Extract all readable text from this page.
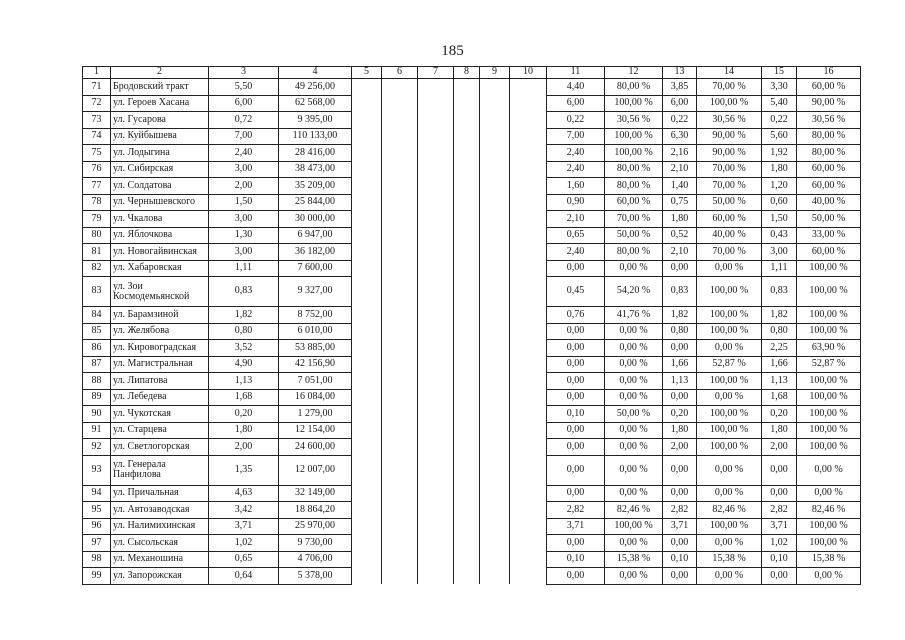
185
1	2	3	4	5	6	7	8	9	10	11	12	13	14	15	16
71	Бродовский тракт	5,50	49 256,00							4,40	80,00 %	3,85	70,00 %	3,30	60,00 %
72	ул. Героев Хасана	6,00	62 568,00							6,00	100,00 %	6,00	100,00 %	5,40	90,00 %
73	ул. Гусарова	0,72	9 395,00							0,22	30,56 %	0,22	30,56 %	0,22	30,56 %
74	ул. Куйбышева	7,00	110 133,00							7,00	100,00 %	6,30	90,00 %	5,60	80,00 %
75	ул. Лодыгина	2,40	28 416,00							2,40	100,00 %	2,16	90,00 %	1,92	80,00 %
76	ул. Сибирская	3,00	38 473,00							2,40	80,00 %	2,10	70,00 %	1,80	60,00 %
77	ул. Солдатова	2,00	35 209,00							1,60	80,00 %	1,40	70,00 %	1,20	60,00 %
78	ул. Чернышевского	1,50	25 844,00							0,90	60,00 %	0,75	50,00 %	0,60	40,00 %
79	ул. Чкалова	3,00	30 000,00							2,10	70,00 %	1,80	60,00 %	1,50	50,00 %
80	ул. Яблочкова	1,30	6 947,00							0,65	50,00 %	0,52	40,00 %	0,43	33,00 %
81	ул. Новогайвинская	3,00	36 182,00							2,40	80,00 %	2,10	70,00 %	3,00	60,00 %
82	ул. Хабаровская	1,11	7 600,00							0,00	0,00 %	0,00	0,00 %	1,11	100,00 %
83	ул. Зои Космодемьянской	0,83	9 327,00							0,45	54,20 %	0,83	100,00 %	0,83	100,00 %
84	ул. Барамзиной	1,82	8 752,00							0,76	41,76 %	1,82	100,00 %	1,82	100,00 %
85	ул. Желябова	0,80	6 010,00							0,00	0,00 %	0,80	100,00 %	0,80	100,00 %
86	ул. Кировоградская	3,52	53 885,00							0,00	0,00 %	0,00	0,00 %	2,25	63,90 %
87	ул. Магистральная	4,90	42 156,90							0,00	0,00 %	1,66	52,87 %	1,66	52,87 %
88	ул. Липатова	1,13	7 051,00							0,00	0,00 %	1,13	100,00 %	1,13	100,00 %
89	ул. Лебедева	1,68	16 084,00							0,00	0,00 %	0,00	0,00 %	1,68	100,00 %
90	ул. Чукотская	0,20	1 279,00							0,10	50,00 %	0,20	100,00 %	0,20	100,00 %
91	ул. Старцева	1,80	12 154,00							0,00	0,00 %	1,80	100,00 %	1,80	100,00 %
92	ул. Светлогорская	2,00	24 600,00							0,00	0,00 %	2,00	100,00 %	2,00	100,00 %
93	ул. Генерала Панфилова	1,35	12 007,00							0,00	0,00 %	0,00	0,00 %	0,00	0,00 %
94	ул. Причальная	4,63	32 149,00							0,00	0,00 %	0,00	0,00 %	0,00	0,00 %
95	ул. Автозаводская	3,42	18 864,20							2,82	82,46 %	2,82	82,46 %	2,82	82,46 %
96	ул. Налимихинская	3,71	25 970,00							3,71	100,00 %	3,71	100,00 %	3,71	100,00 %
97	ул. Сысольская	1,02	9 730,00							0,00	0,00 %	0,00	0,00 %	1,02	100,00 %
98	ул. Механошина	0,65	4 706,00							0,10	15,38 %	0,10	15,38 %	0,10	15,38 %
99	ул. Запорожская	0,64	5 378,00							0,00	0,00 %	0,00	0,00 %	0,00	0,00 %
